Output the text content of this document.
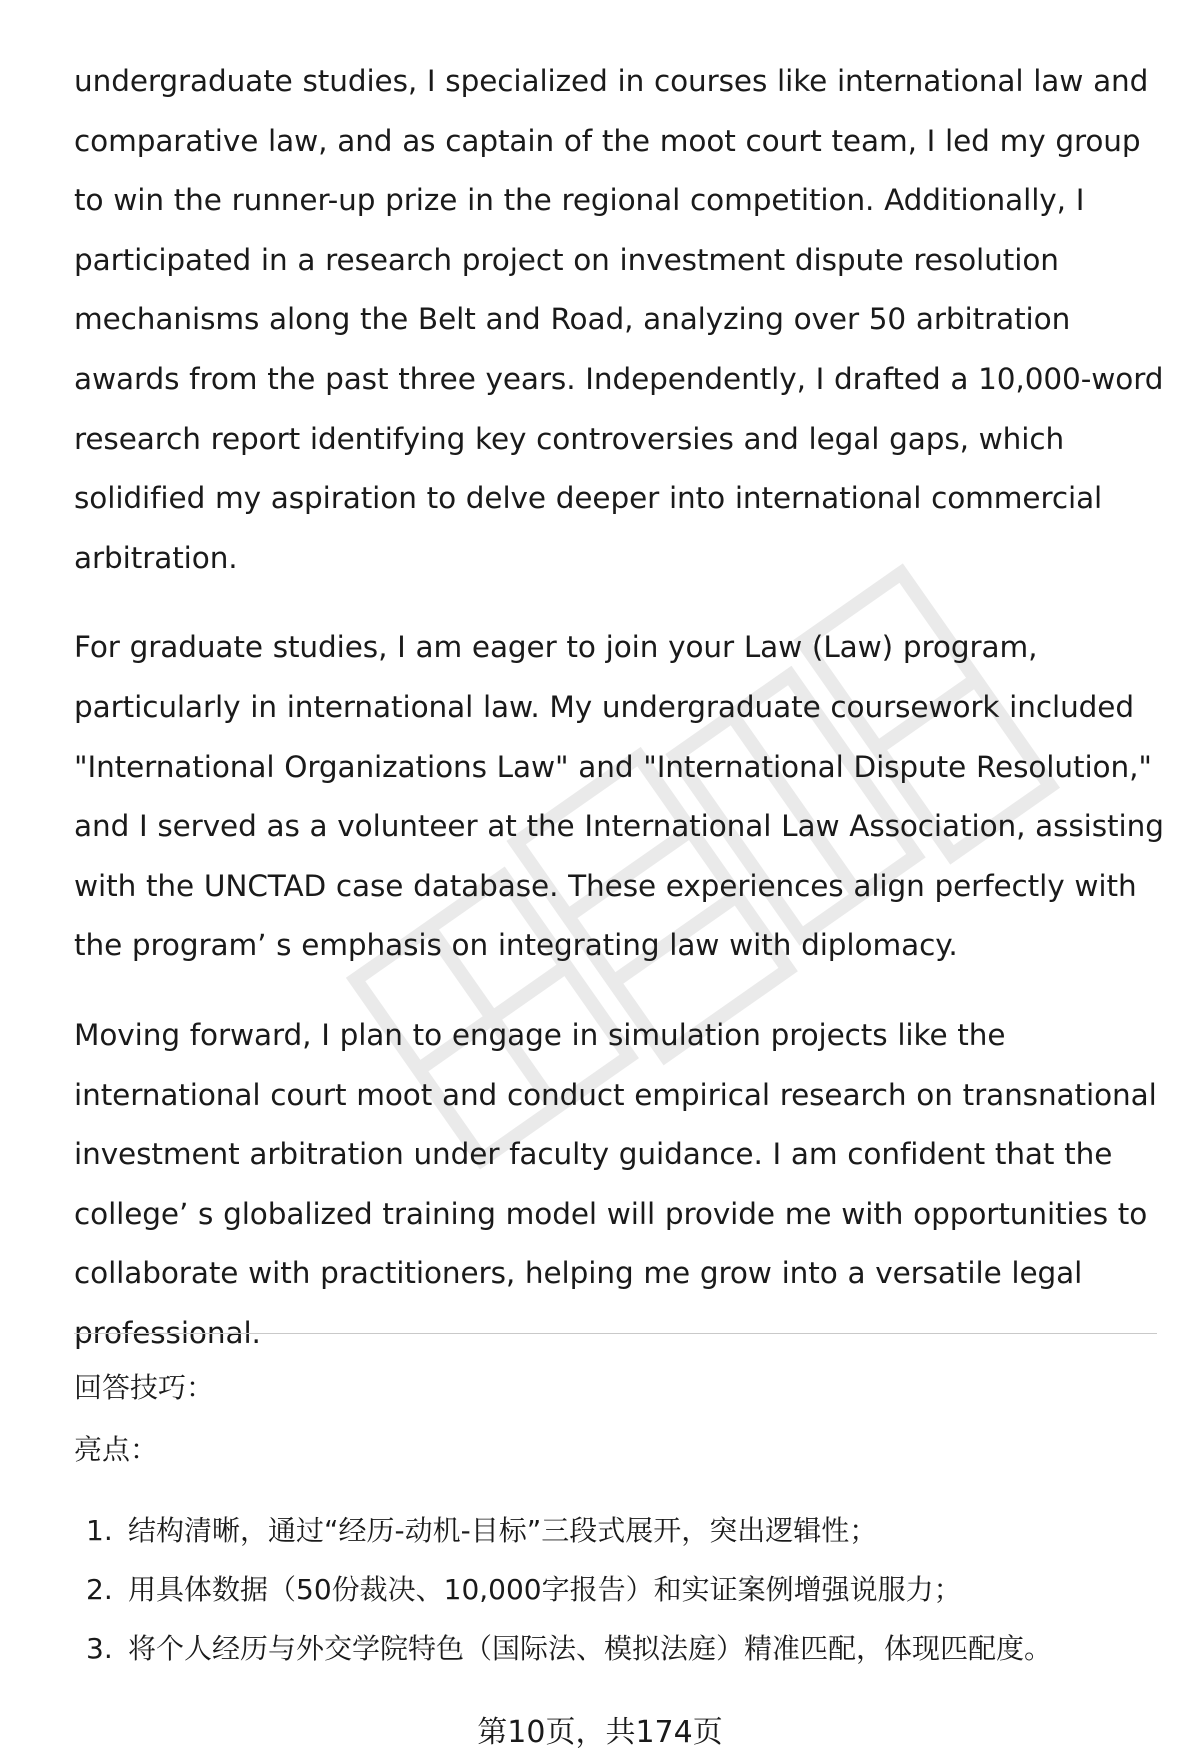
undergraduate studies, I specialized in courses like international law and comparative law, and as captain of the moot court team, I led my group to win the runner-up prize in the regional competition. Additionally, I participated in a research project on investment dispute resolution mechanisms along the Belt and Road, analyzing over 50 arbitration awards from the past three years. Independently, I drafted a 10,000-word research report identifying key controversies and legal gaps, which solidified my aspiration to delve deeper into international commercial arbitration.

For graduate studies, I am eager to join your Law (Law) program, particularly in international law. My undergraduate coursework included "International Organizations Law" and "International Dispute Resolution," and I served as a volunteer at the International Law Association, assisting with the UNCTAD case database. These experiences align perfectly with the program’ s emphasis on integrating law with diplomacy.

Moving forward, I plan to engage in simulation projects like the international court moot and conduct empirical research on transnational investment arbitration under faculty guidance. I am confident that the college’ s globalized training model will provide me with opportunities to collaborate with practitioners, helping me grow into a versatile legal professional.

回答技巧：

亮点：

1. 结构清晰，通过“经历-动机-目标”三段式展开，突出逻辑性；
2. 用具体数据（50份裁决、10,000字报告）和实证案例增强说服力；
3. 将个人经历与外交学院特色（国际法、模拟法庭）精准匹配，体现匹配度。
第10页，共174页
